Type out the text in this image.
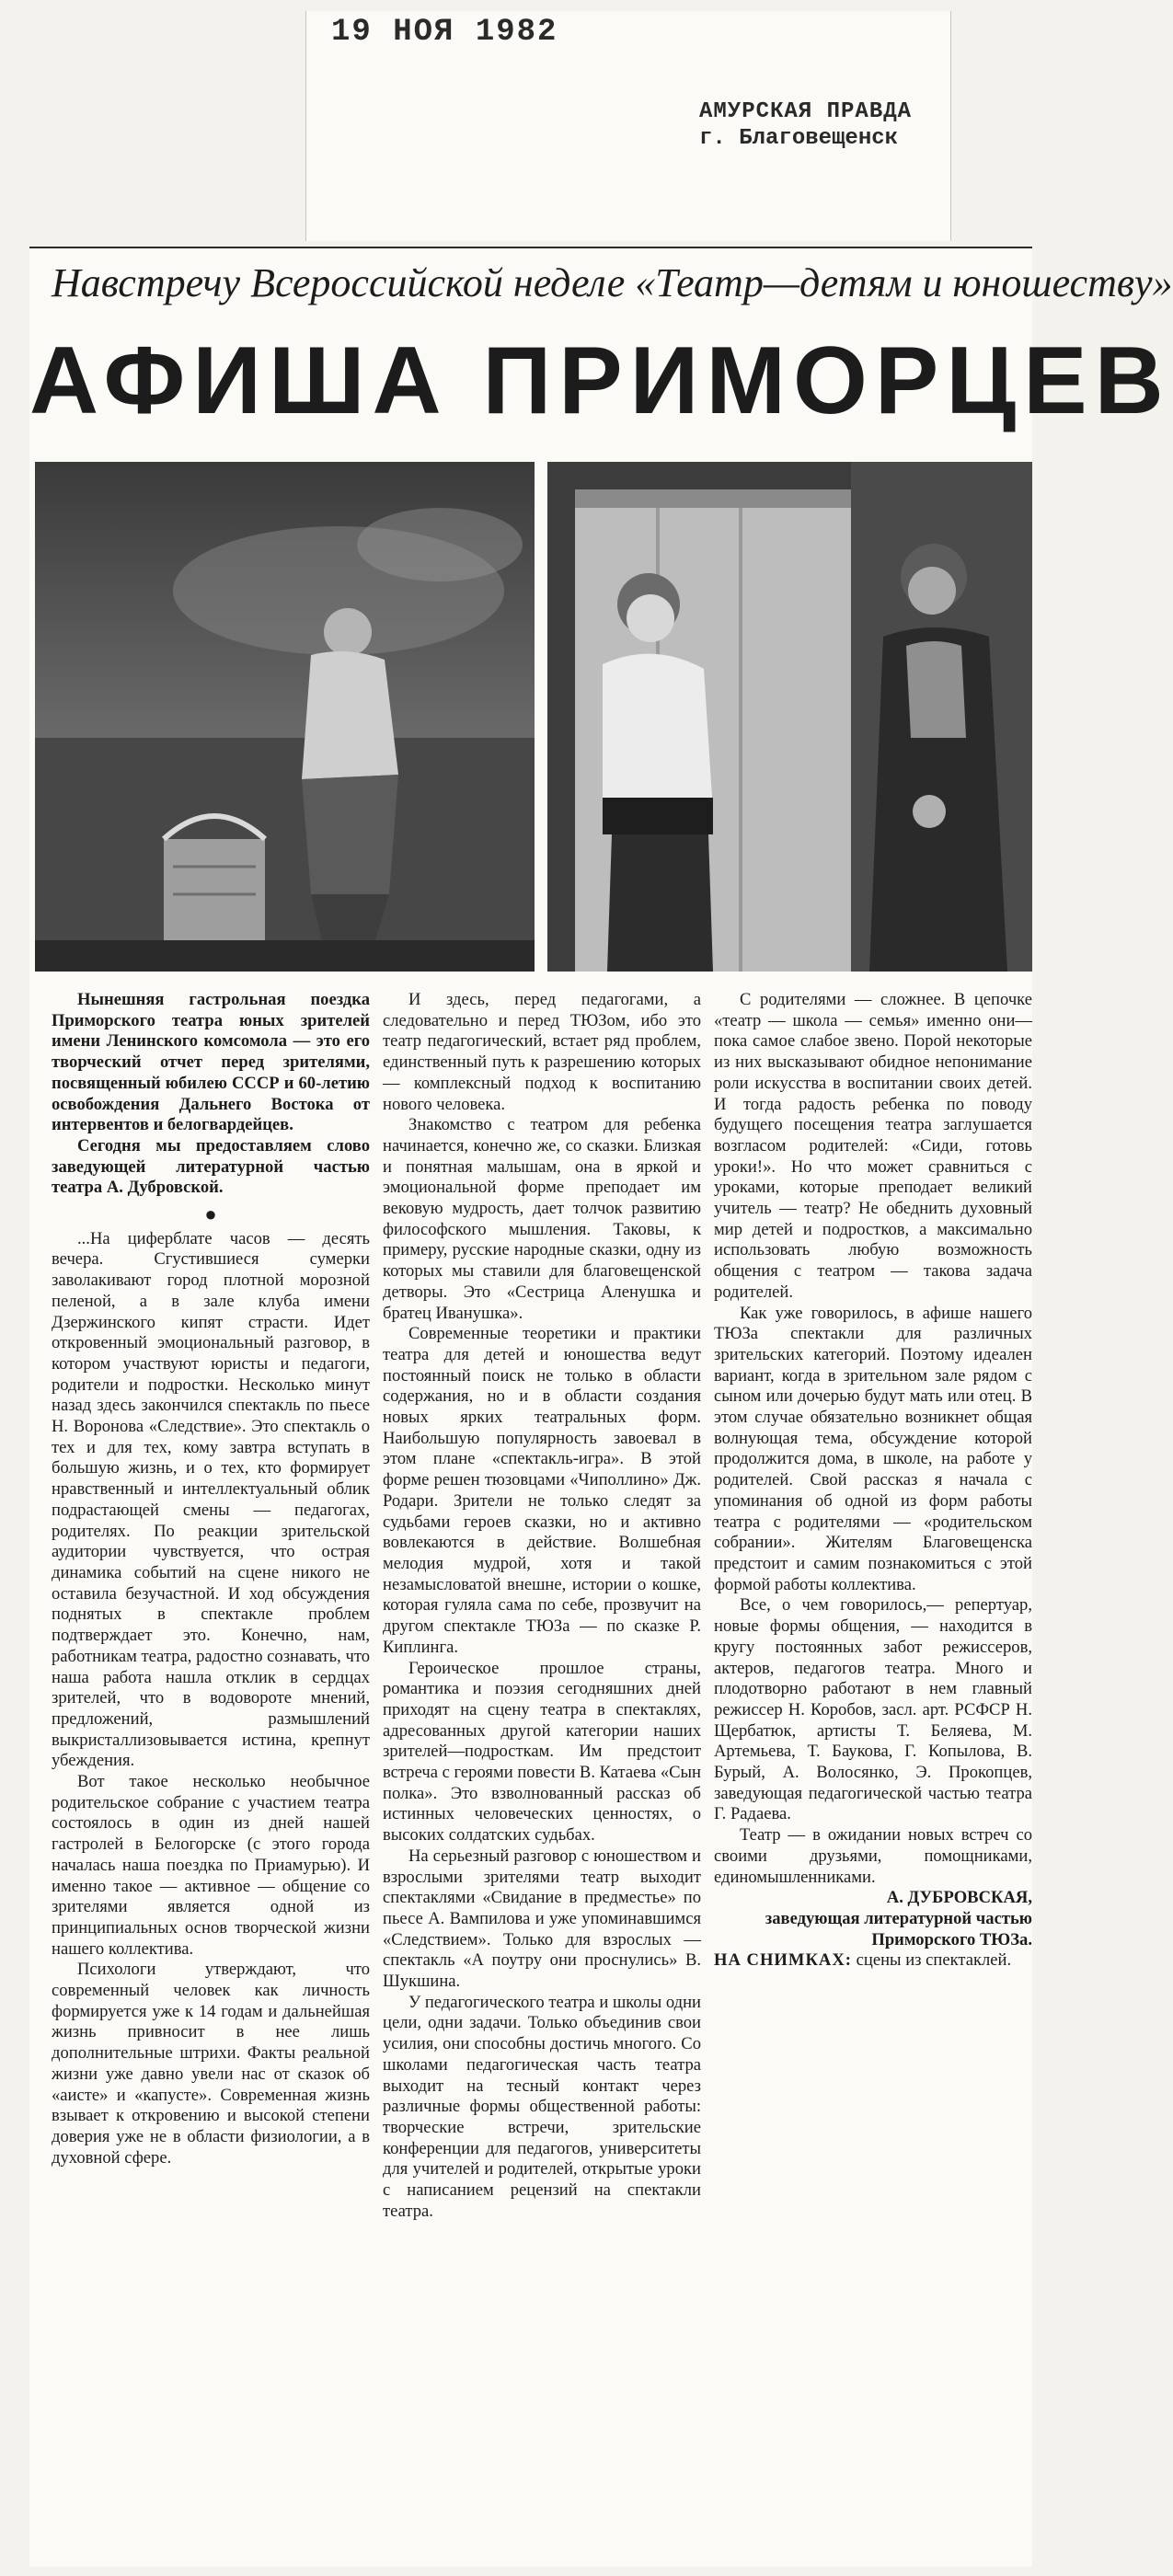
19 НОЯ 1982
АМУРСКАЯ ПРАВДА
г. Благовещенск
Навстречу Всероссийской неделе «Театр—детям и юношеству»
АФИША ПРИМОРЦЕВ

Нынешняя гастрольная поездка Приморского театра юных зрителей имени Ленинского комсомола — это его творческий отчет перед зрителями, посвященный юбилею СССР и 60-летию освобождения Дальнего Востока от интервентов и белогвардейцев.

Сегодня мы предоставляем слово заведующей литературной частью театра А. Дубровской.

●

...На циферблате часов — десять вечера. Сгустившиеся сумерки заволакивают город плотной морозной пеленой, а в зале клуба имени Дзержинского кипят страсти. Идет откровенный эмоциональный разговор, в котором участвуют юристы и педагоги, родители и подростки. Несколько минут назад здесь закончился спектакль по пьесе Н. Воронова «Следствие». Это спектакль о тех и для тех, кому завтра вступать в большую жизнь, и о тех, кто формирует нравственный и интеллектуальный облик подрастающей смены — педагогах, родителях. По реакции зрительской аудитории чувствуется, что острая динамика событий на сцене никого не оставила безучастной. И ход обсуждения поднятых в спектакле проблем подтверждает это. Конечно, нам, работникам театра, радостно сознавать, что наша работа нашла отклик в сердцах зрителей, что в водовороте мнений, предложений, размышлений выкристаллизовывается истина, крепнут убеждения.

Вот такое несколько необычное родительское собрание с участием театра состоялось в один из дней нашей гастролей в Белогорске (с этого города началась наша поездка по Приамурью). И именно такое — активное — общение со зрителями является одной из принципиальных основ творческой жизни нашего коллектива.

Психологи утверждают, что современный человек как личность формируется уже к 14 годам и дальнейшая жизнь привносит в нее лишь дополнительные штрихи. Факты реальной жизни уже давно увели нас от сказок об «аисте» и «капусте». Современная жизнь взывает к откровению и высокой степени доверия уже не в области физиологии, а в духовной сфере.

И здесь, перед педагогами, а следовательно и перед ТЮЗом, ибо это театр педагогический, встает ряд проблем, единственный путь к разрешению которых — комплексный подход к воспитанию нового человека.

Знакомство с театром для ребенка начинается, конечно же, со сказки. Близкая и понятная малышам, она в яркой и эмоциональной форме преподает им вековую мудрость, дает толчок развитию философского мышления. Таковы, к примеру, русские народные сказки, одну из которых мы ставили для благовещенской детворы. Это «Сестрица Аленушка и братец Иванушка».

Современные теоретики и практики театра для детей и юношества ведут постоянный поиск не только в области содержания, но и в области создания новых ярких театральных форм. Наибольшую популярность завоевал в этом плане «спектакль-игра». В этой форме решен тюзовцами «Чиполлино» Дж. Родари. Зрители не только следят за судьбами героев сказки, но и активно вовлекаются в действие. Волшебная мелодия мудрой, хотя и такой незамысловатой внешне, истории о кошке, которая гуляла сама по себе, прозвучит на другом спектакле ТЮЗа — по сказке Р. Киплинга.

Героическое прошлое страны, романтика и поэзия сегодняшних дней приходят на сцену театра в спектаклях, адресованных другой категории наших зрителей—подросткам. Им предстоит встреча с героями повести В. Катаева «Сын полка». Это взволнованный рассказ об истинных человеческих ценностях, о высоких солдатских судьбах.

На серьезный разговор с юношеством и взрослыми зрителями театр выходит спектаклями «Свидание в предместье» по пьесе А. Вампилова и уже упоминавшимся «Следствием». Только для взрослых — спектакль «А поутру они проснулись» В. Шукшина.

У педагогического театра и школы одни цели, одни задачи. Только объединив свои усилия, они способны достичь многого. Со школами педагогическая часть театра выходит на тесный контакт через различные формы общественной работы: творческие встречи, зрительские конференции для педагогов, университеты для учителей и родителей, открытые уроки с написанием рецензий на спектакли театра.

С родителями — сложнее. В цепочке «театр — школа — семья» именно они—пока самое слабое звено. Порой некоторые из них высказывают обидное непонимание роли искусства в воспитании своих детей. И тогда радость ребенка по поводу будущего посещения театра заглушается возгласом родителей: «Сиди, готовь уроки!». Но что может сравниться с уроками, которые преподает великий учитель — театр? Не обеднить духовный мир детей и подростков, а максимально использовать любую возможность общения с театром — такова задача родителей.

Как уже говорилось, в афише нашего ТЮЗа спектакли для различных зрительских категорий. Поэтому идеален вариант, когда в зрительном зале рядом с сыном или дочерью будут мать или отец. В этом случае обязательно возникнет общая волнующая тема, обсуждение которой продолжится дома, в школе, на работе у родителей. Свой рассказ я начала с упоминания об одной из форм работы театра с родителями — «родительском собрании». Жителям Благовещенска предстоит и самим познакомиться с этой формой работы коллектива.

Все, о чем говорилось,— репертуар, новые формы общения, — находится в кругу постоянных забот режиссеров, актеров, педагогов театра. Много и плодотворно работают в нем главный режиссер Н. Коробов, засл. арт. РСФСР Н. Щербатюк, артисты Т. Беляева, М. Артемьева, Т. Баукова, Г. Копылова, В. Бурый, А. Волосянко, Э. Прокопцев, заведующая педагогической частью театра Г. Радаева.

Театр — в ожидании новых встреч со своими друзьями, помощниками, единомышленниками.

А. ДУБРОВСКАЯ,

заведующая литературной частью Приморского ТЮЗа.

НА СНИМКАХ: сцены из спектаклей.
